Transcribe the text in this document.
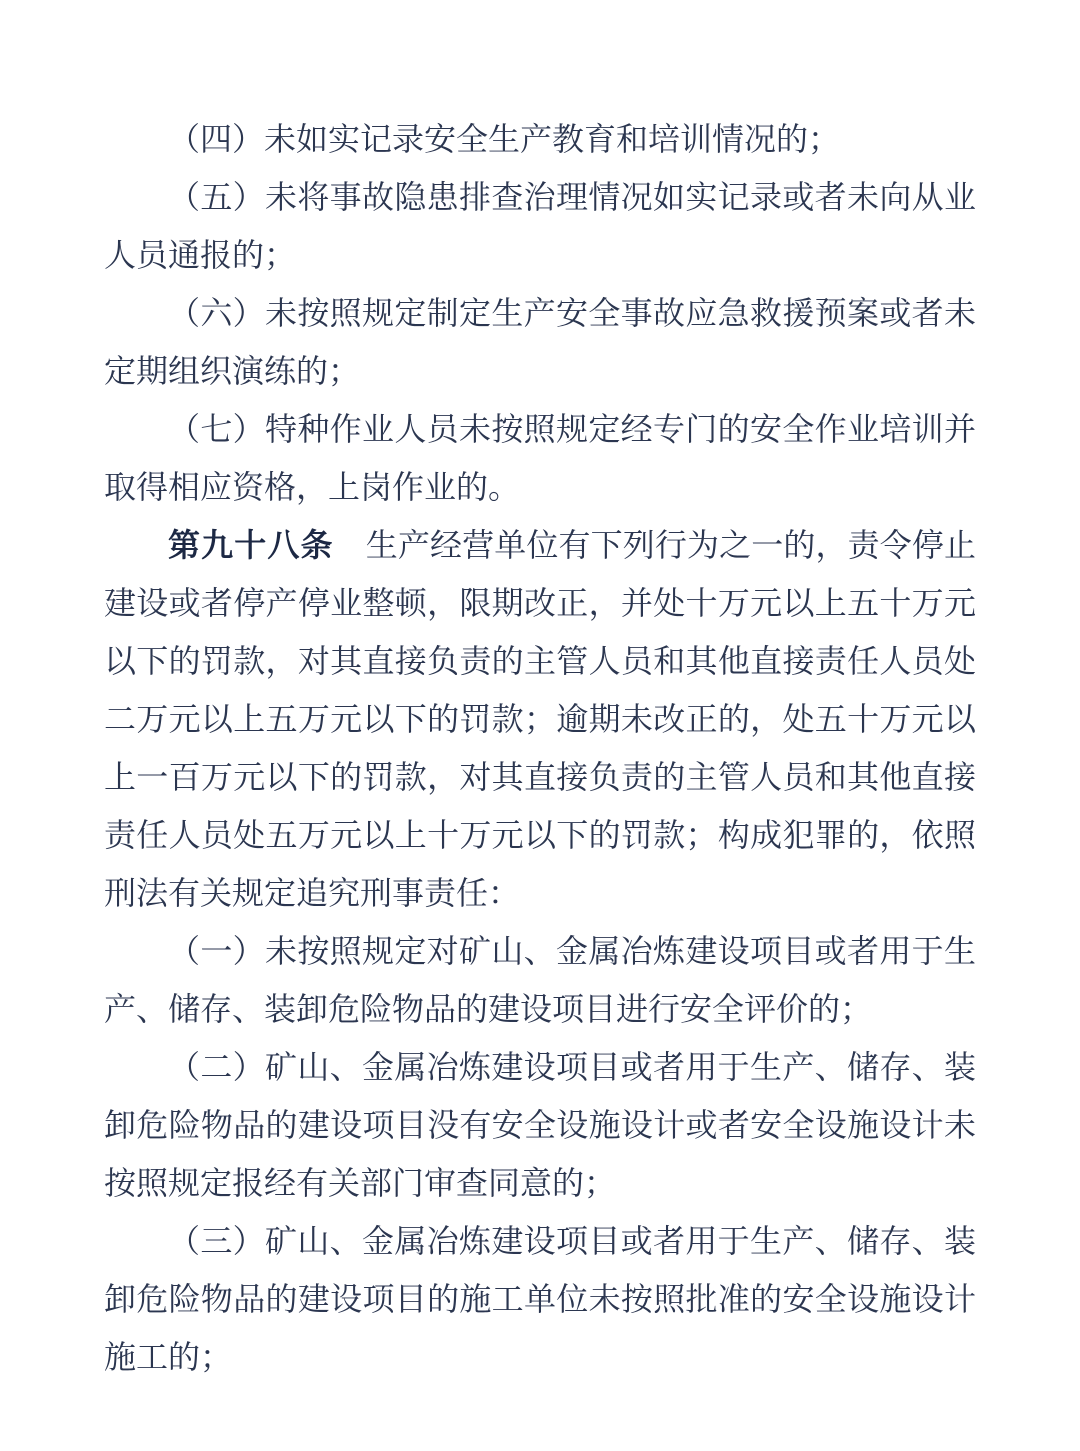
（四）未如实记录安全生产教育和培训情况的；

（五）未将事故隐患排查治理情况如实记录或者未向从业人员通报的；

（六）未按照规定制定生产安全事故应急救援预案或者未定期组织演练的；

（七）特种作业人员未按照规定经专门的安全作业培训并取得相应资格，上岗作业的。

第九十八条　生产经营单位有下列行为之一的，责令停止建设或者停产停业整顿，限期改正，并处十万元以上五十万元以下的罚款，对其直接负责的主管人员和其他直接责任人员处二万元以上五万元以下的罚款；逾期未改正的，处五十万元以上一百万元以下的罚款，对其直接负责的主管人员和其他直接责任人员处五万元以上十万元以下的罚款；构成犯罪的，依照刑法有关规定追究刑事责任：

（一）未按照规定对矿山、金属冶炼建设项目或者用于生产、储存、装卸危险物品的建设项目进行安全评价的；

（二）矿山、金属冶炼建设项目或者用于生产、储存、装卸危险物品的建设项目没有安全设施设计或者安全设施设计未按照规定报经有关部门审查同意的；

（三）矿山、金属冶炼建设项目或者用于生产、储存、装卸危险物品的建设项目的施工单位未按照批准的安全设施设计施工的；
